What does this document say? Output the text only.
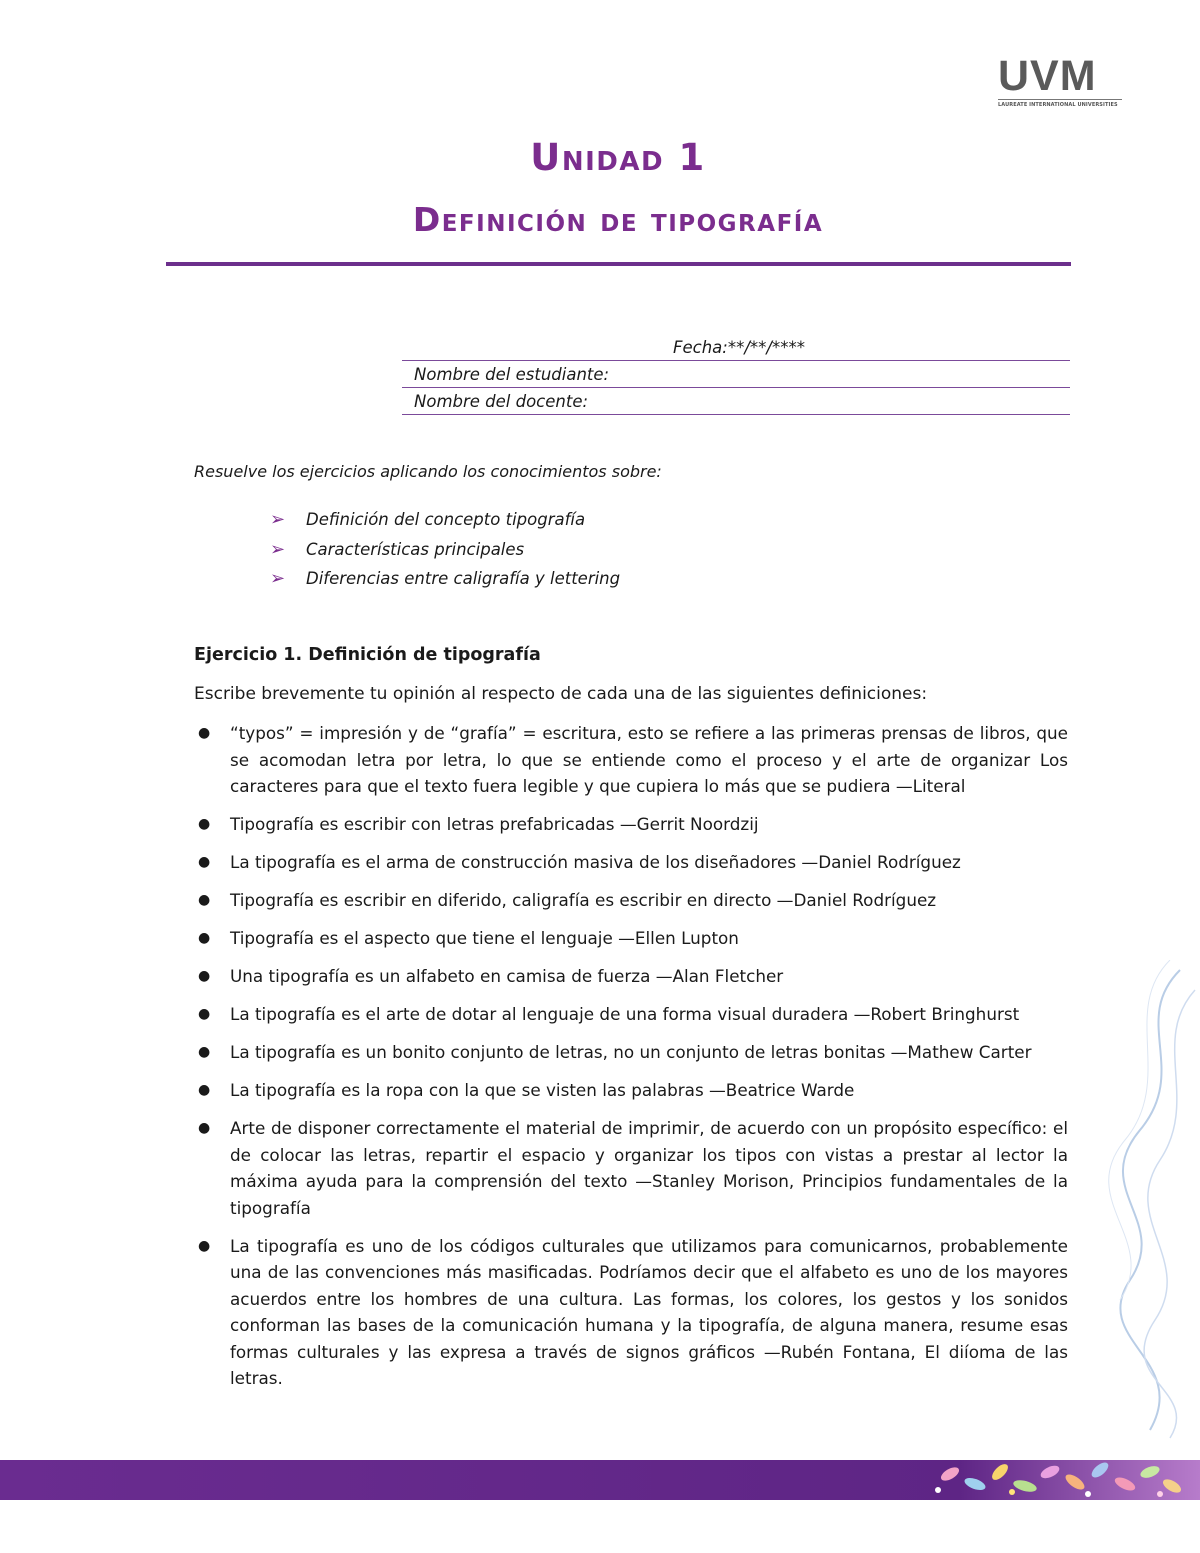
UVM
LAUREATE INTERNATIONAL UNIVERSITIES
Unidad 1
Definición de tipografía
Fecha:**/**/****
Nombre del estudiante:
Nombre del docente:
Resuelve los ejercicios aplicando los conocimientos sobre:
➢	Definición del concepto tipografía
➢	Características principales
➢	Diferencias entre caligrafía y lettering
Ejercicio 1. Definición de tipografía
Escribe brevemente tu opinión al respecto de cada una de las siguientes definiciones:
● “typos” = impresión y de “grafía” = escritura, esto se refiere a las primeras prensas de libros, que se acomodan letra por letra, lo que se entiende como el proceso y el arte de organizar Los caracteres para que el texto fuera legible y que cupiera lo más que se pudiera —Literal
● Tipografía es escribir con letras prefabricadas —Gerrit Noordzij
● La tipografía es el arma de construcción masiva de los diseñadores —Daniel Rodríguez
● Tipografía es escribir en diferido, caligrafía es escribir en directo —Daniel Rodríguez
● Tipografía es el aspecto que tiene el lenguaje —Ellen Lupton
● Una tipografía es un alfabeto en camisa de fuerza —Alan Fletcher
● La tipografía es el arte de dotar al lenguaje de una forma visual duradera —Robert Bringhurst
● La tipografía es un bonito conjunto de letras, no un conjunto de letras bonitas —Mathew Carter
● La tipografía es la ropa con la que se visten las palabras —Beatrice Warde
● Arte de disponer correctamente el material de imprimir, de acuerdo con un propósito específico: el de colocar las letras, repartir el espacio y organizar los tipos con vistas a prestar al lector la máxima ayuda para la comprensión del texto —Stanley Morison, Principios fundamentales de la tipografía
● La tipografía es uno de los códigos culturales que utilizamos para comunicarnos, probablemente una de las convenciones más masificadas. Podríamos decir que el alfabeto es uno de los mayores acuerdos entre los hombres de una cultura. Las formas, los colores, los gestos y los sonidos conforman las bases de la comunicación humana y la tipografía, de alguna manera, resume esas formas culturales y las expresa a través de signos gráficos —Rubén Fontana, El diíoma de las letras.
